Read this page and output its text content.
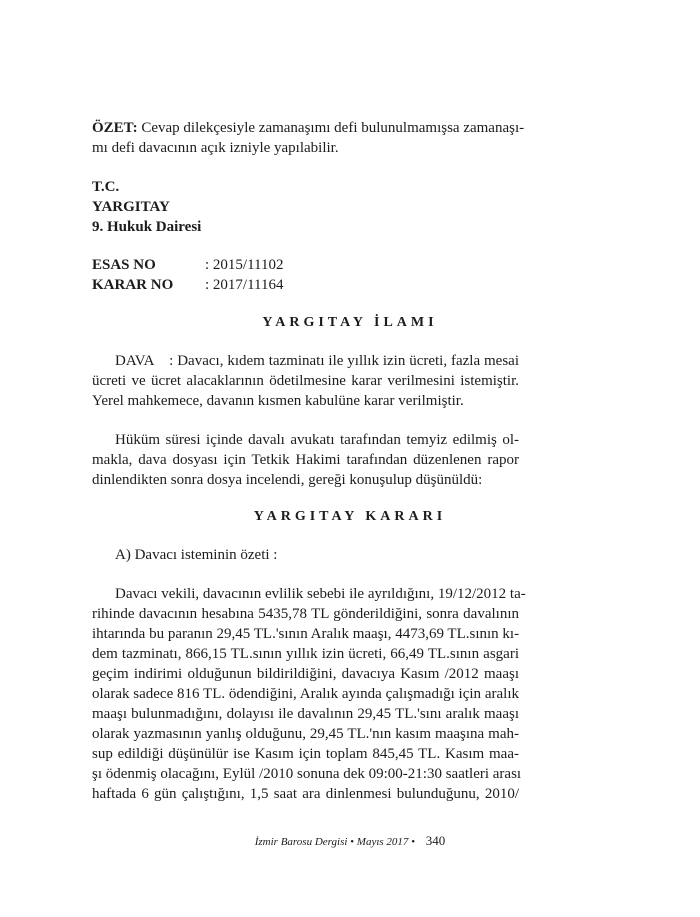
ÖZET: Cevap dilekçesiyle zamanaşımı defi bulunulmamışsa zamanaşı-
mı defi davacının açık izniyle yapılabilir.
T.C.
YARGITAY
9. Hukuk Dairesi
ESAS NO	: 2015/11102
KARAR NO : 2017/11164
YARGITAY İLAMI
DAVA    : Davacı, kıdem tazminatı ile yıllık izin ücreti, fazla mesai
ücreti ve ücret alacaklarının ödetilmesine karar verilmesini istemiştir.
Yerel mahkemece, davanın kısmen kabulüne karar verilmiştir.
Hüküm süresi içinde davalı avukatı tarafından temyiz edilmiş ol-
makla, dava dosyası için Tetkik Hakimi tarafından düzenlenen rapor
dinlendikten sonra dosya incelendi, gereği konuşulup düşünüldü:
YARGITAY KARARI
A) Davacı isteminin özeti :
Davacı vekili, davacının evlilik sebebi ile ayrıldığını, 19/12/2012 ta-
rihinde davacının hesabına 5435,78 TL gönderildiğini, sonra davalının
ihtarında bu paranın 29,45 TL.'sının Aralık maaşı, 4473,69 TL.sının kı-
dem tazminatı, 866,15 TL.sının yıllık izin ücreti, 66,49 TL.sının asgari
geçim indirimi olduğunun bildirildiğini, davacıya Kasım /2012 maaşı
olarak sadece 816 TL. ödendiğini, Aralık ayında çalışmadığı için aralık
maaşı bulunmadığını, dolayısı ile davalının 29,45 TL.'sını aralık maaşı
olarak yazmasının yanlış olduğunu, 29,45 TL.'nın kasım maaşına mah-
sup edildiği düşünülür ise Kasım için toplam 845,45 TL. Kasım maa-
şı ödenmiş olacağını, Eylül /2010 sonuna dek 09:00-21:30 saatleri arası
haftada 6 gün çalıştığını, 1,5 saat ara dinlenmesi bulunduğunu, 2010/
İzmir Barosu Dergisi • Mayıs 2017 • 340
